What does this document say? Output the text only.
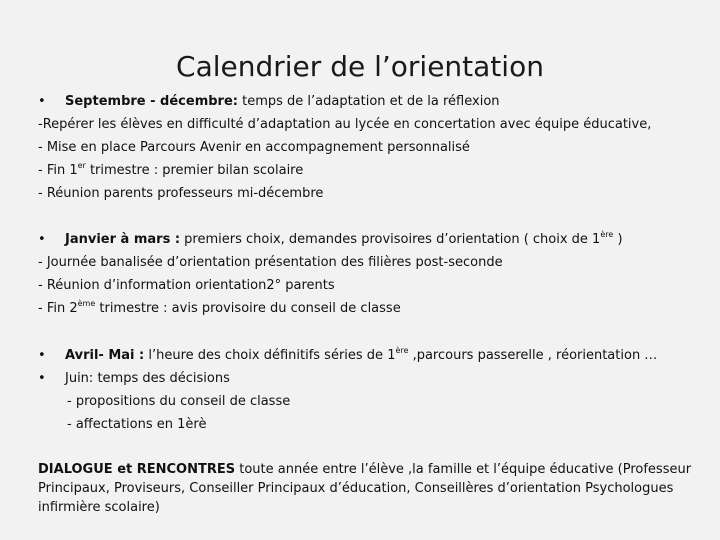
Calendrier de l’orientation
• Septembre - décembre: temps de l’adaptation et de la réflexion
-Repérer les élèves en difficulté d’adaptation au lycée en concertation avec équipe éducative,
- Mise en place Parcours Avenir en accompagnement personnalisé
- Fin 1er trimestre : premier bilan scolaire
- Réunion parents professeurs mi-décembre
• Janvier à mars : premiers choix, demandes provisoires d’orientation ( choix de 1ère )
- Journée banalisée d’orientation présentation des filières post-seconde
- Réunion d’information orientation2° parents
- Fin 2ème trimestre : avis provisoire du conseil de classe
• Avril- Mai : l’heure des choix définitifs séries de 1ère ,parcours passerelle , réorientation …
• Juin: temps des décisions
- propositions du conseil de classe
- affectations en 1èrè
DIALOGUE et RENCONTRES toute année entre l’élève ,la famille et l’équipe éducative (Professeur Principaux, Proviseurs, Conseiller Principaux d’éducation, Conseillères d’orientation Psychologues infirmière scolaire)
